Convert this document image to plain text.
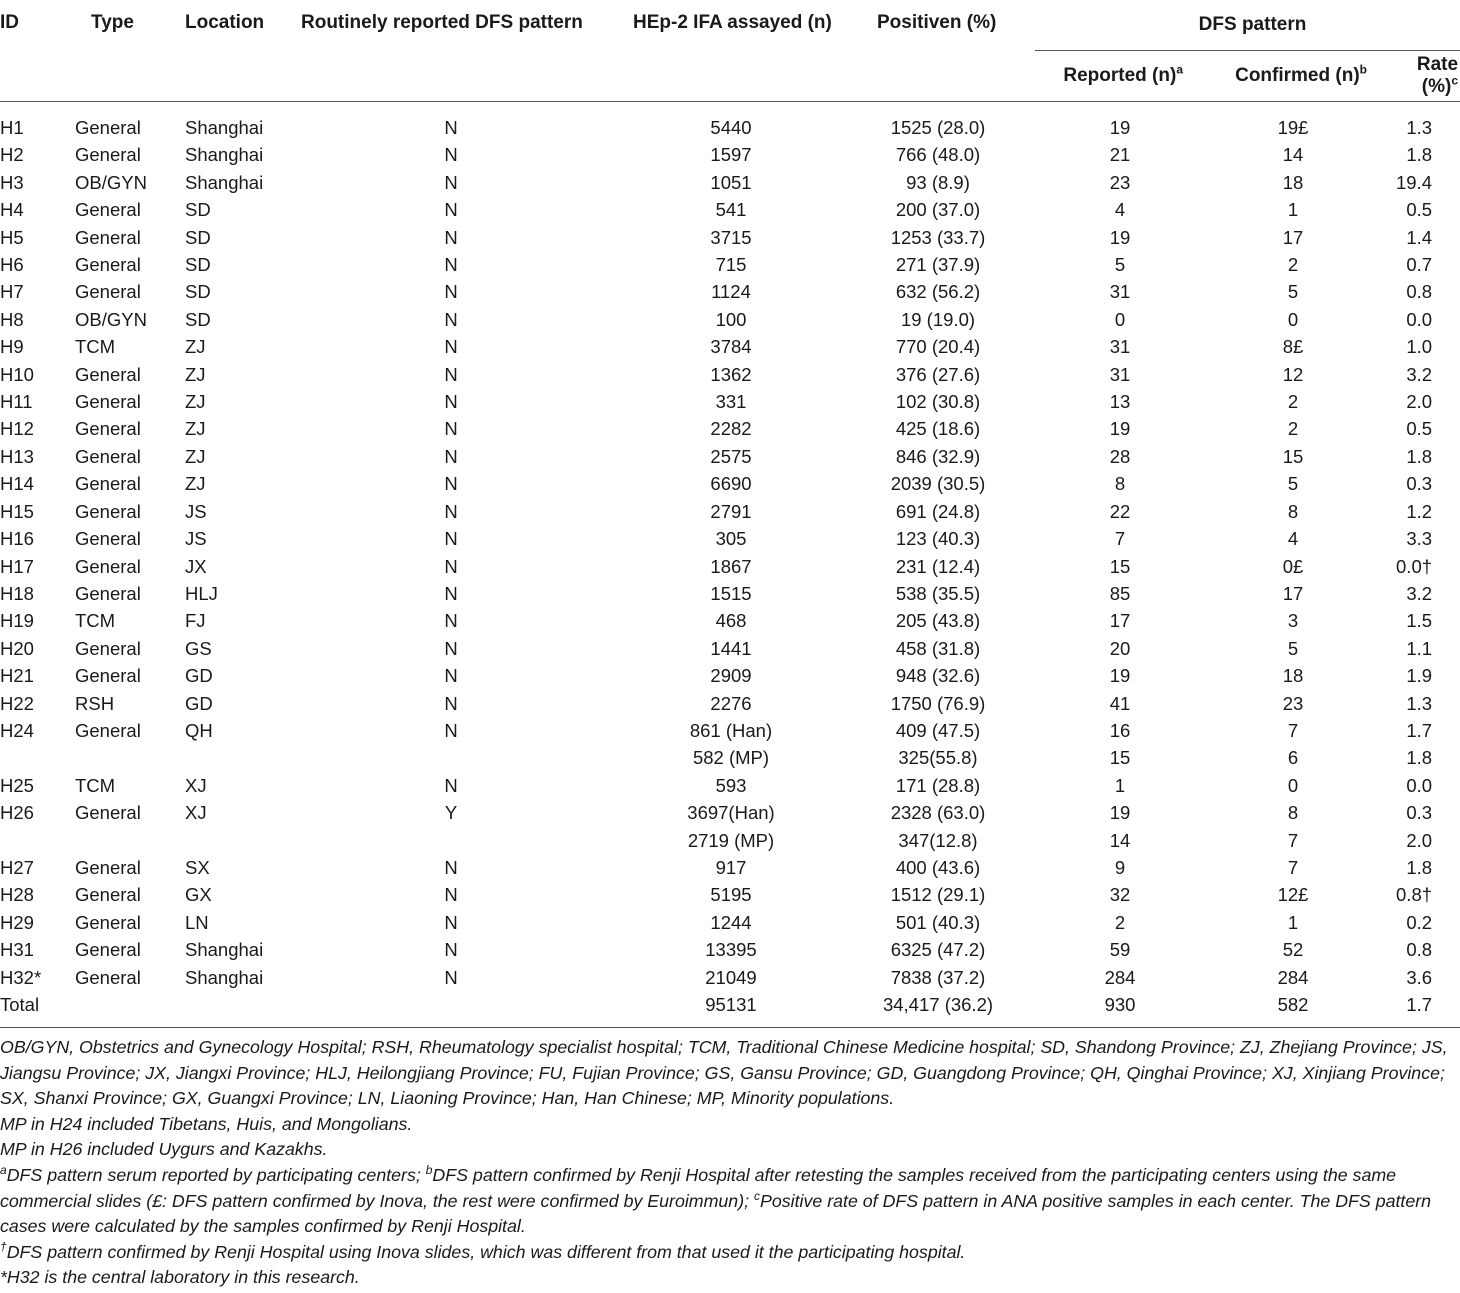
ID	Type	Location	Routinely reported DFS pattern	HEp-2 IFA assayed (n)	Positiven (%)	DFS pattern		
						Reported $(n)^a$	Confirmed $(n)^b$	Rate (%)$^c$
H1	General	Shanghai	N	5440	1525 (28.0)	19	19£	1.3
H2	General	Shanghai	N	1597	766 (48.0)	21	14	1.8
H3	OB/GYN	Shanghai	N	1051	93 (8.9)	23	18	19.4
H4	General	SD	N	541	200 (37.0)	4	1	0.5
H5	General	SD	N	3715	1253 (33.7)	19	17	1.4
H6	General	SD	N	715	271 (37.9)	5	2	0.7
H7	General	SD	N	1124	632 (56.2)	31	5	0.8
H8	OB/GYN	SD	N	100	19 (19.0)	0	0	0.0
H9	TCM	ZJ	N	3784	770 (20.4)	31	8£	1.0
H10	General	ZJ	N	1362	376 (27.6)	31	12	3.2
H11	General	ZJ	N	331	102 (30.8)	13	2	2.0
H12	General	ZJ	N	2282	425 (18.6)	19	2	0.5
H13	General	ZJ	N	2575	846 (32.9)	28	15	1.8
H14	General	ZJ	N	6690	2039 (30.5)	8	5	0.3
H15	General	JS	N	2791	691 (24.8)	22	8	1.2
H16	General	JS	N	305	123 (40.3)	7	4	3.3
H17	General	JX	N	1867	231 (12.4)	15	0£	0.0†
H18	General	HLJ	N	1515	538 (35.5)	85	17	3.2
H19	TCM	FJ	N	468	205 (43.8)	17	3	1.5
H20	General	GS	N	1441	458 (31.8)	20	5	1.1
H21	General	GD	N	2909	948 (32.6)	19	18	1.9
H22	RSH	GD	N	2276	1750 (76.9)	41	23	1.3
H24	General	QH	N	861 (Han)	409 (47.5)	16	7	1.7
				582 (MP)	325(55.8)	15	6	1.8
H25	TCM	XJ	N	593	171 (28.8)	1	0	0.0
H26	General	XJ	Y	3697(Han)	2328 (63.0)	19	8	0.3
				2719 (MP)	347(12.8)	14	7	2.0
H27	General	SX	N	917	400 (43.6)	9	7	1.8
H28	General	GX	N	5195	1512 (29.1)	32	12£	0.8†
H29	General	LN	N	1244	501 (40.3)	2	1	0.2
H31	General	Shanghai	N	13395	6325 (47.2)	59	52	0.8
H32*	General	Shanghai	N	21049	7838 (37.2)	284	284	3.6
Total				95131	34,417 (36.2)	930	582	1.7

OB/GYN, Obstetrics and Gynecology Hospital; RSH, Rheumatology specialist hospital; TCM, Traditional Chinese Medicine hospital; SD, Shandong Province; ZJ, Zhejiang Province; JS, Jiangsu Province; JX, Jiangxi Province; HLJ, Heilongjiang Province; FU, Fujian Province; GS, Gansu Province; GD, Guangdong Province; QH, Qinghai Province; XJ, Xinjiang Province; SX, Shanxi Province; GX, Guangxi Province; LN, Liaoning Province; Han, Han Chinese; MP, Minority populations.

MP in H24 included Tibetans, Huis, and Mongolians.

MP in H26 included Uygurs and Kazakhs.

$^a$DFS pattern serum reported by participating centers; $^b$DFS pattern confirmed by Renji Hospital after retesting the samples received from the participating centers using the same commercial slides (£: DFS pattern confirmed by Inova, the rest were confirmed by Euroimmun); $^c$Positive rate of DFS pattern in ANA positive samples in each center. The DFS pattern cases were calculated by the samples confirmed by Renji Hospital.

†DFS pattern confirmed by Renji Hospital using Inova slides, which was different from that used it the participating hospital.

*H32 is the central laboratory in this research.
